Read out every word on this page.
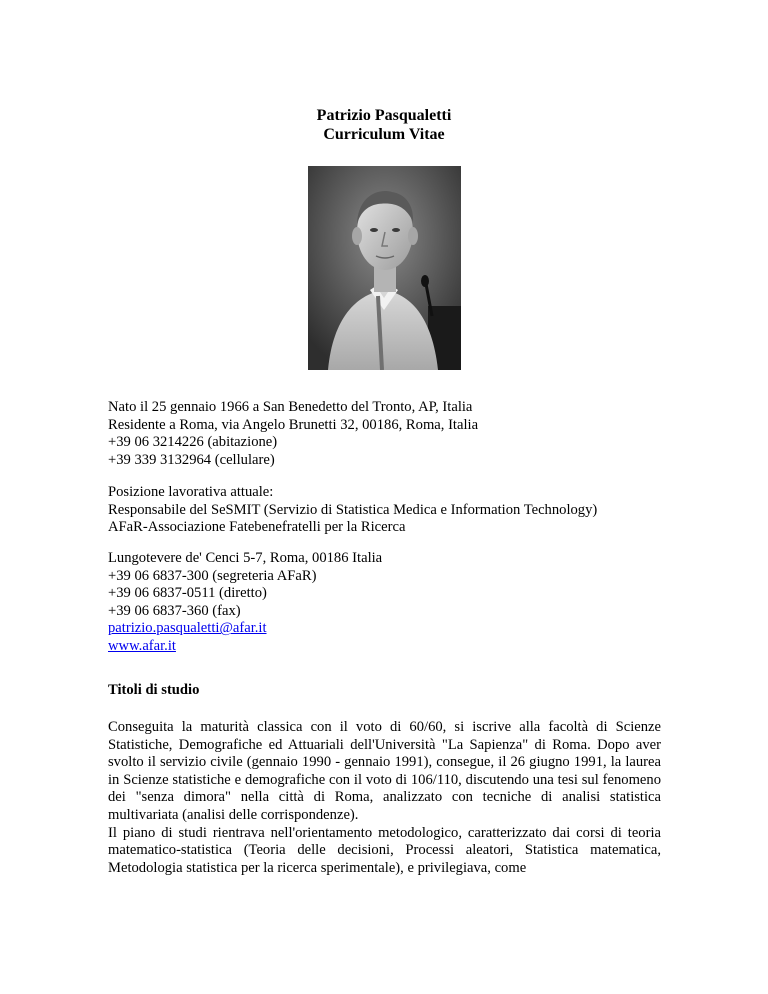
Patrizio Pasqualetti
Curriculum Vitae
Nato il 25 gennaio 1966 a San Benedetto del Tronto, AP, Italia
Residente a Roma, via Angelo Brunetti 32, 00186, Roma, Italia
+39 06 3214226 (abitazione)
+39 339 3132964 (cellulare)
Posizione lavorativa attuale:
Responsabile del SeSMIT (Servizio di Statistica Medica e Information Technology)
AFaR-Associazione Fatebenefratelli per la Ricerca
Lungotevere de' Cenci 5-7, Roma, 00186 Italia
+39 06 6837-300 (segreteria AFaR)
+39 06 6837-0511 (diretto)
+39 06 6837-360 (fax)
patrizio.pasqualetti@afar.it
www.afar.it
Titoli di studio

Conseguita la maturità classica con il voto di 60/60, si iscrive alla facoltà di Scienze Statistiche, Demografiche ed Attuariali dell'Università "La Sapienza" di Roma. Dopo aver svolto il servizio civile (gennaio 1990 - gennaio 1991), consegue, il 26 giugno 1991, la laurea in Scienze statistiche e demografiche con il voto di 106/110, discutendo una tesi sul fenomeno dei "senza dimora" nella città di Roma, analizzato con tecniche di analisi statistica multivariata (analisi delle corrispondenze).

Il piano di studi rientrava nell'orientamento metodologico, caratterizzato dai corsi di teoria matematico-statistica (Teoria delle decisioni, Processi aleatori, Statistica matematica, Metodologia statistica per la ricerca sperimentale), e privilegiava, come
